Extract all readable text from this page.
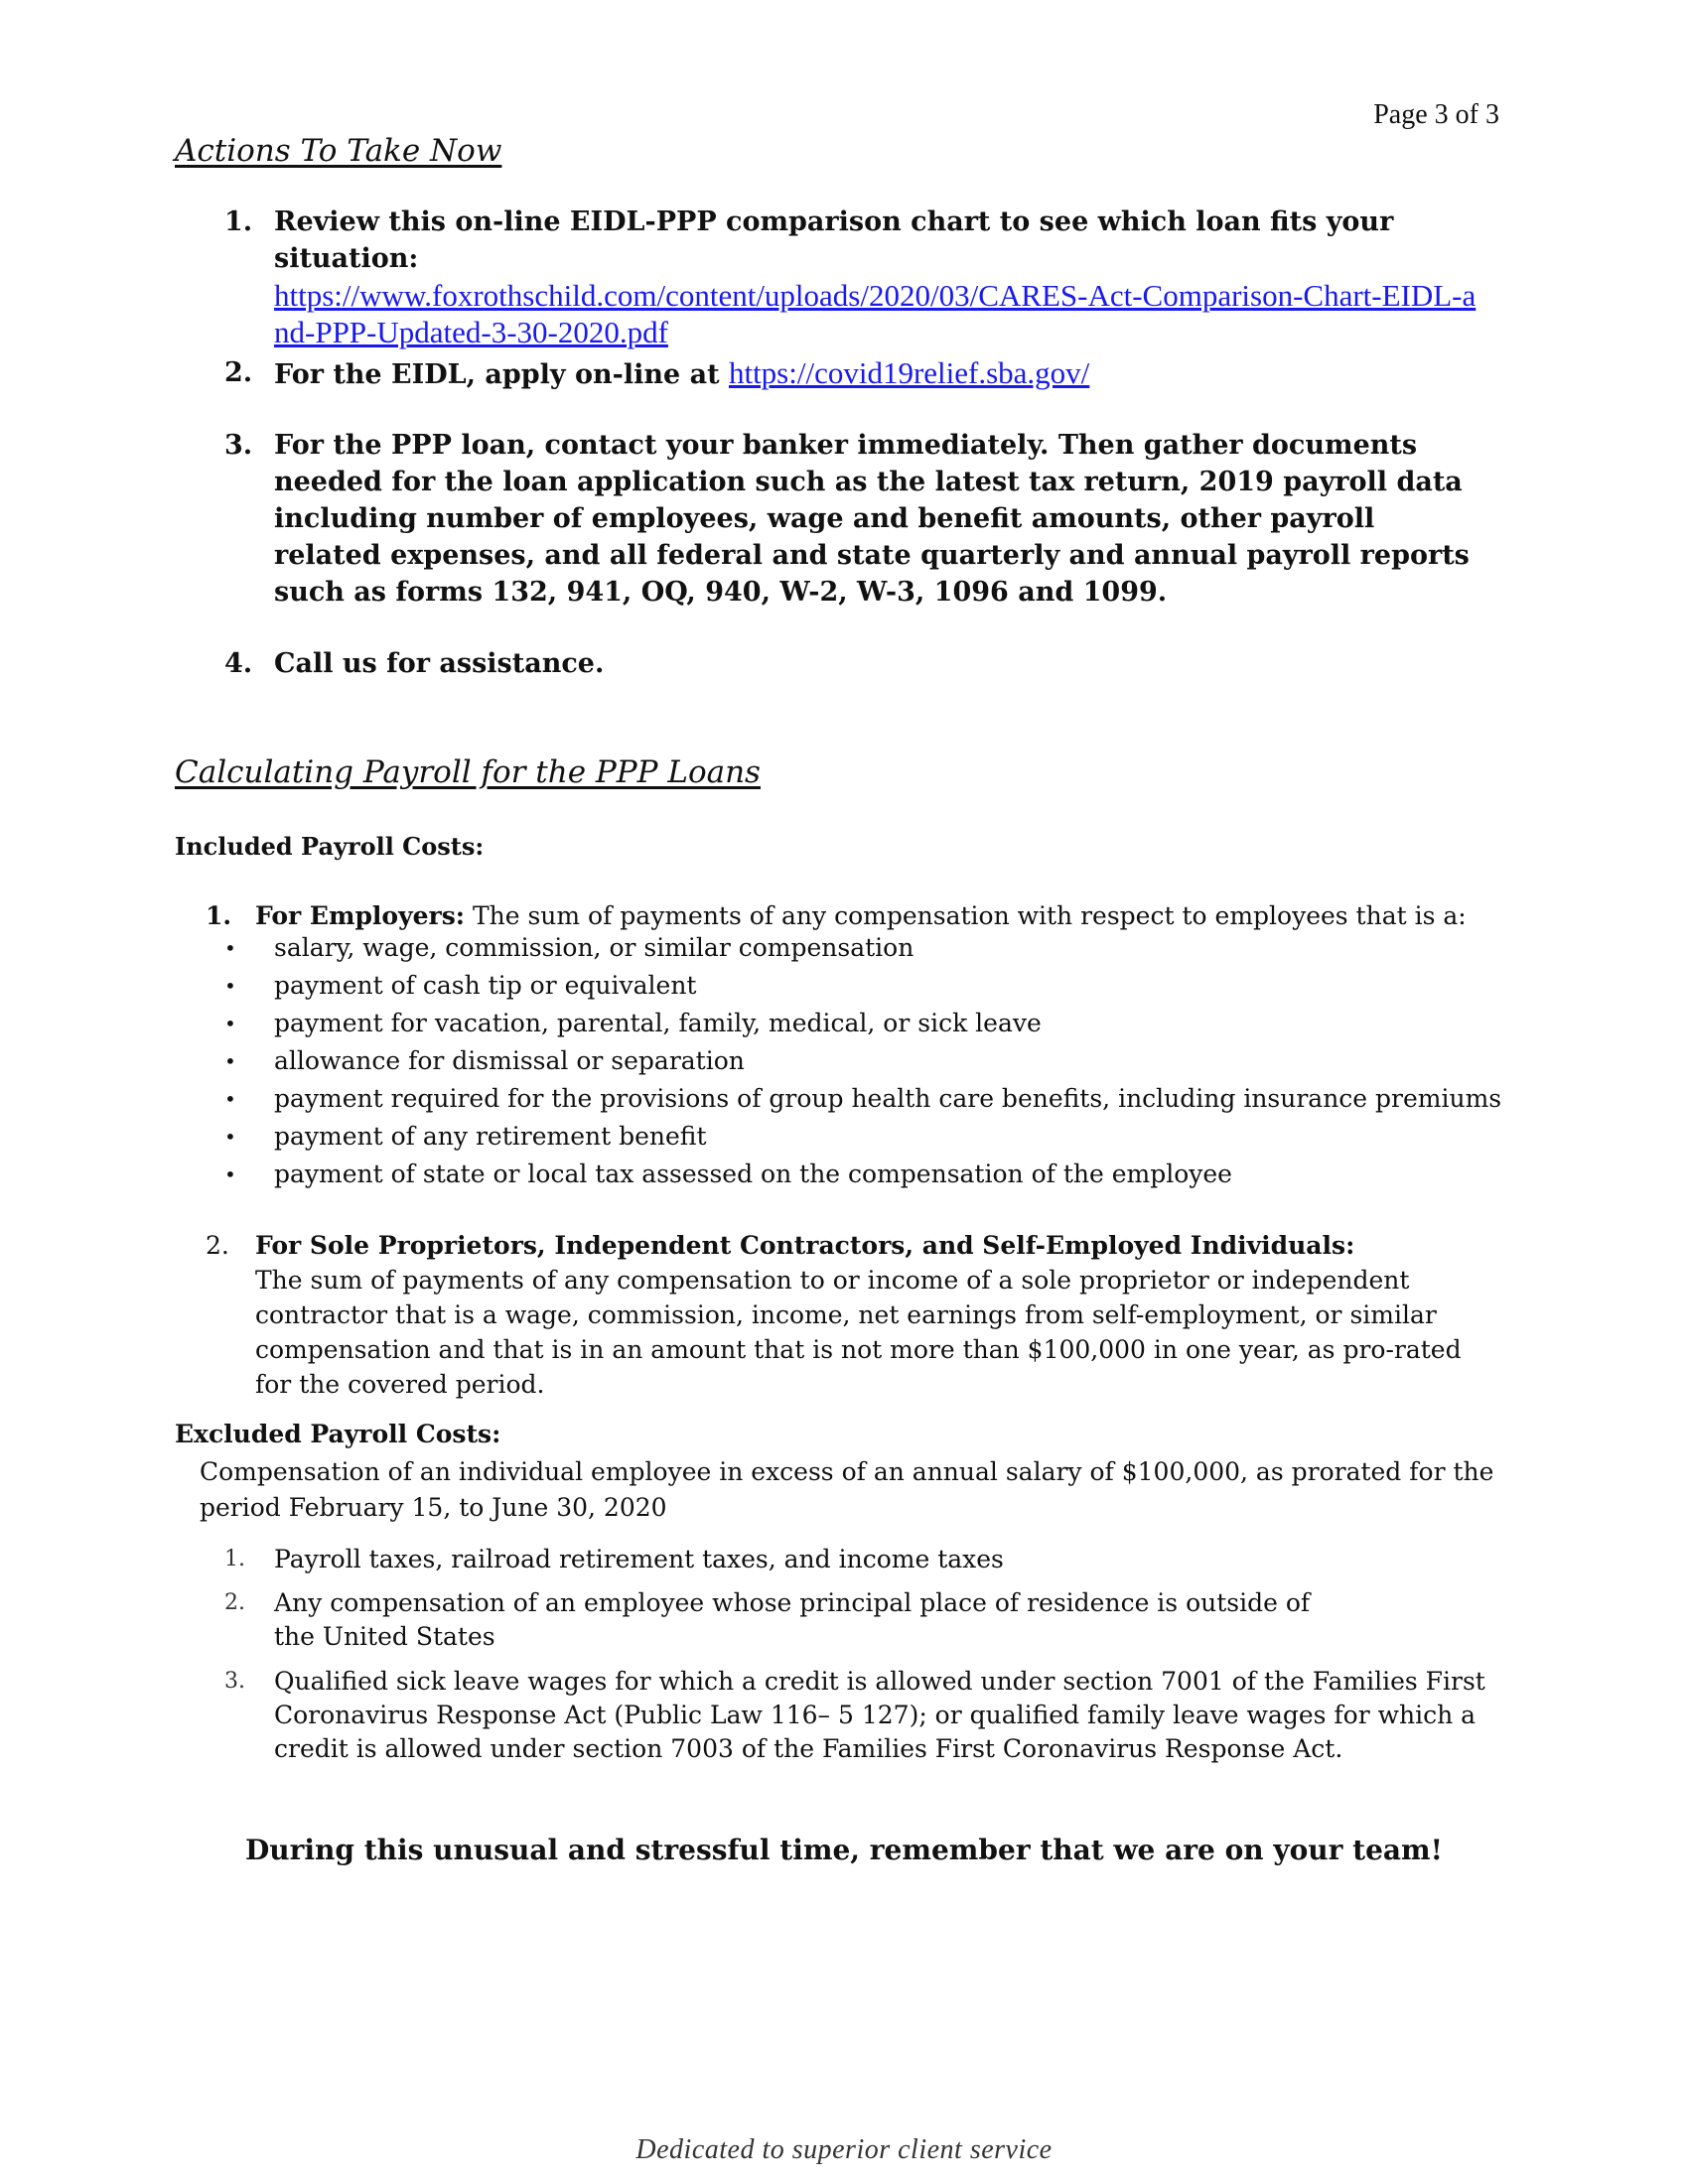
Page 3 of 3
Actions To Take Now
1. Review this on-line EIDL-PPP comparison chart to see which loan fits your situation:
https://www.foxrothschild.com/content/uploads/2020/03/CARES-Act-Comparison-Chart-EIDL-and-PPP-Updated-3-30-2020.pdf
2. For the EIDL, apply on-line at https://covid19relief.sba.gov/
3. For the PPP loan, contact your banker immediately. Then gather documents needed for the loan application such as the latest tax return, 2019 payroll data including number of employees, wage and benefit amounts, other payroll related expenses, and all federal and state quarterly and annual payroll reports such as forms 132, 941, OQ, 940, W-2, W-3, 1096 and 1099.
4. Call us for assistance.
Calculating Payroll for the PPP Loans
Included Payroll Costs:
1. For Employers: The sum of payments of any compensation with respect to employees that is a:
• salary, wage, commission, or similar compensation
• payment of cash tip or equivalent
• payment for vacation, parental, family, medical, or sick leave
• allowance for dismissal or separation
• payment required for the provisions of group health care benefits, including insurance premiums
• payment of any retirement benefit
• payment of state or local tax assessed on the compensation of the employee
2. For Sole Proprietors, Independent Contractors, and Self-Employed Individuals:
The sum of payments of any compensation to or income of a sole proprietor or independent contractor that is a wage, commission, income, net earnings from self-employment, or similar compensation and that is in an amount that is not more than $100,000 in one year, as pro-rated for the covered period.
Excluded Payroll Costs:
Compensation of an individual employee in excess of an annual salary of $100,000, as prorated for the period February 15, to June 30, 2020
1. Payroll taxes, railroad retirement taxes, and income taxes
2. Any compensation of an employee whose principal place of residence is outside of the United States
3. Qualified sick leave wages for which a credit is allowed under section 7001 of the Families First Coronavirus Response Act (Public Law 116– 5 127); or qualified family leave wages for which a credit is allowed under section 7003 of the Families First Coronavirus Response Act.
During this unusual and stressful time, remember that we are on your team!
Dedicated to superior client service
